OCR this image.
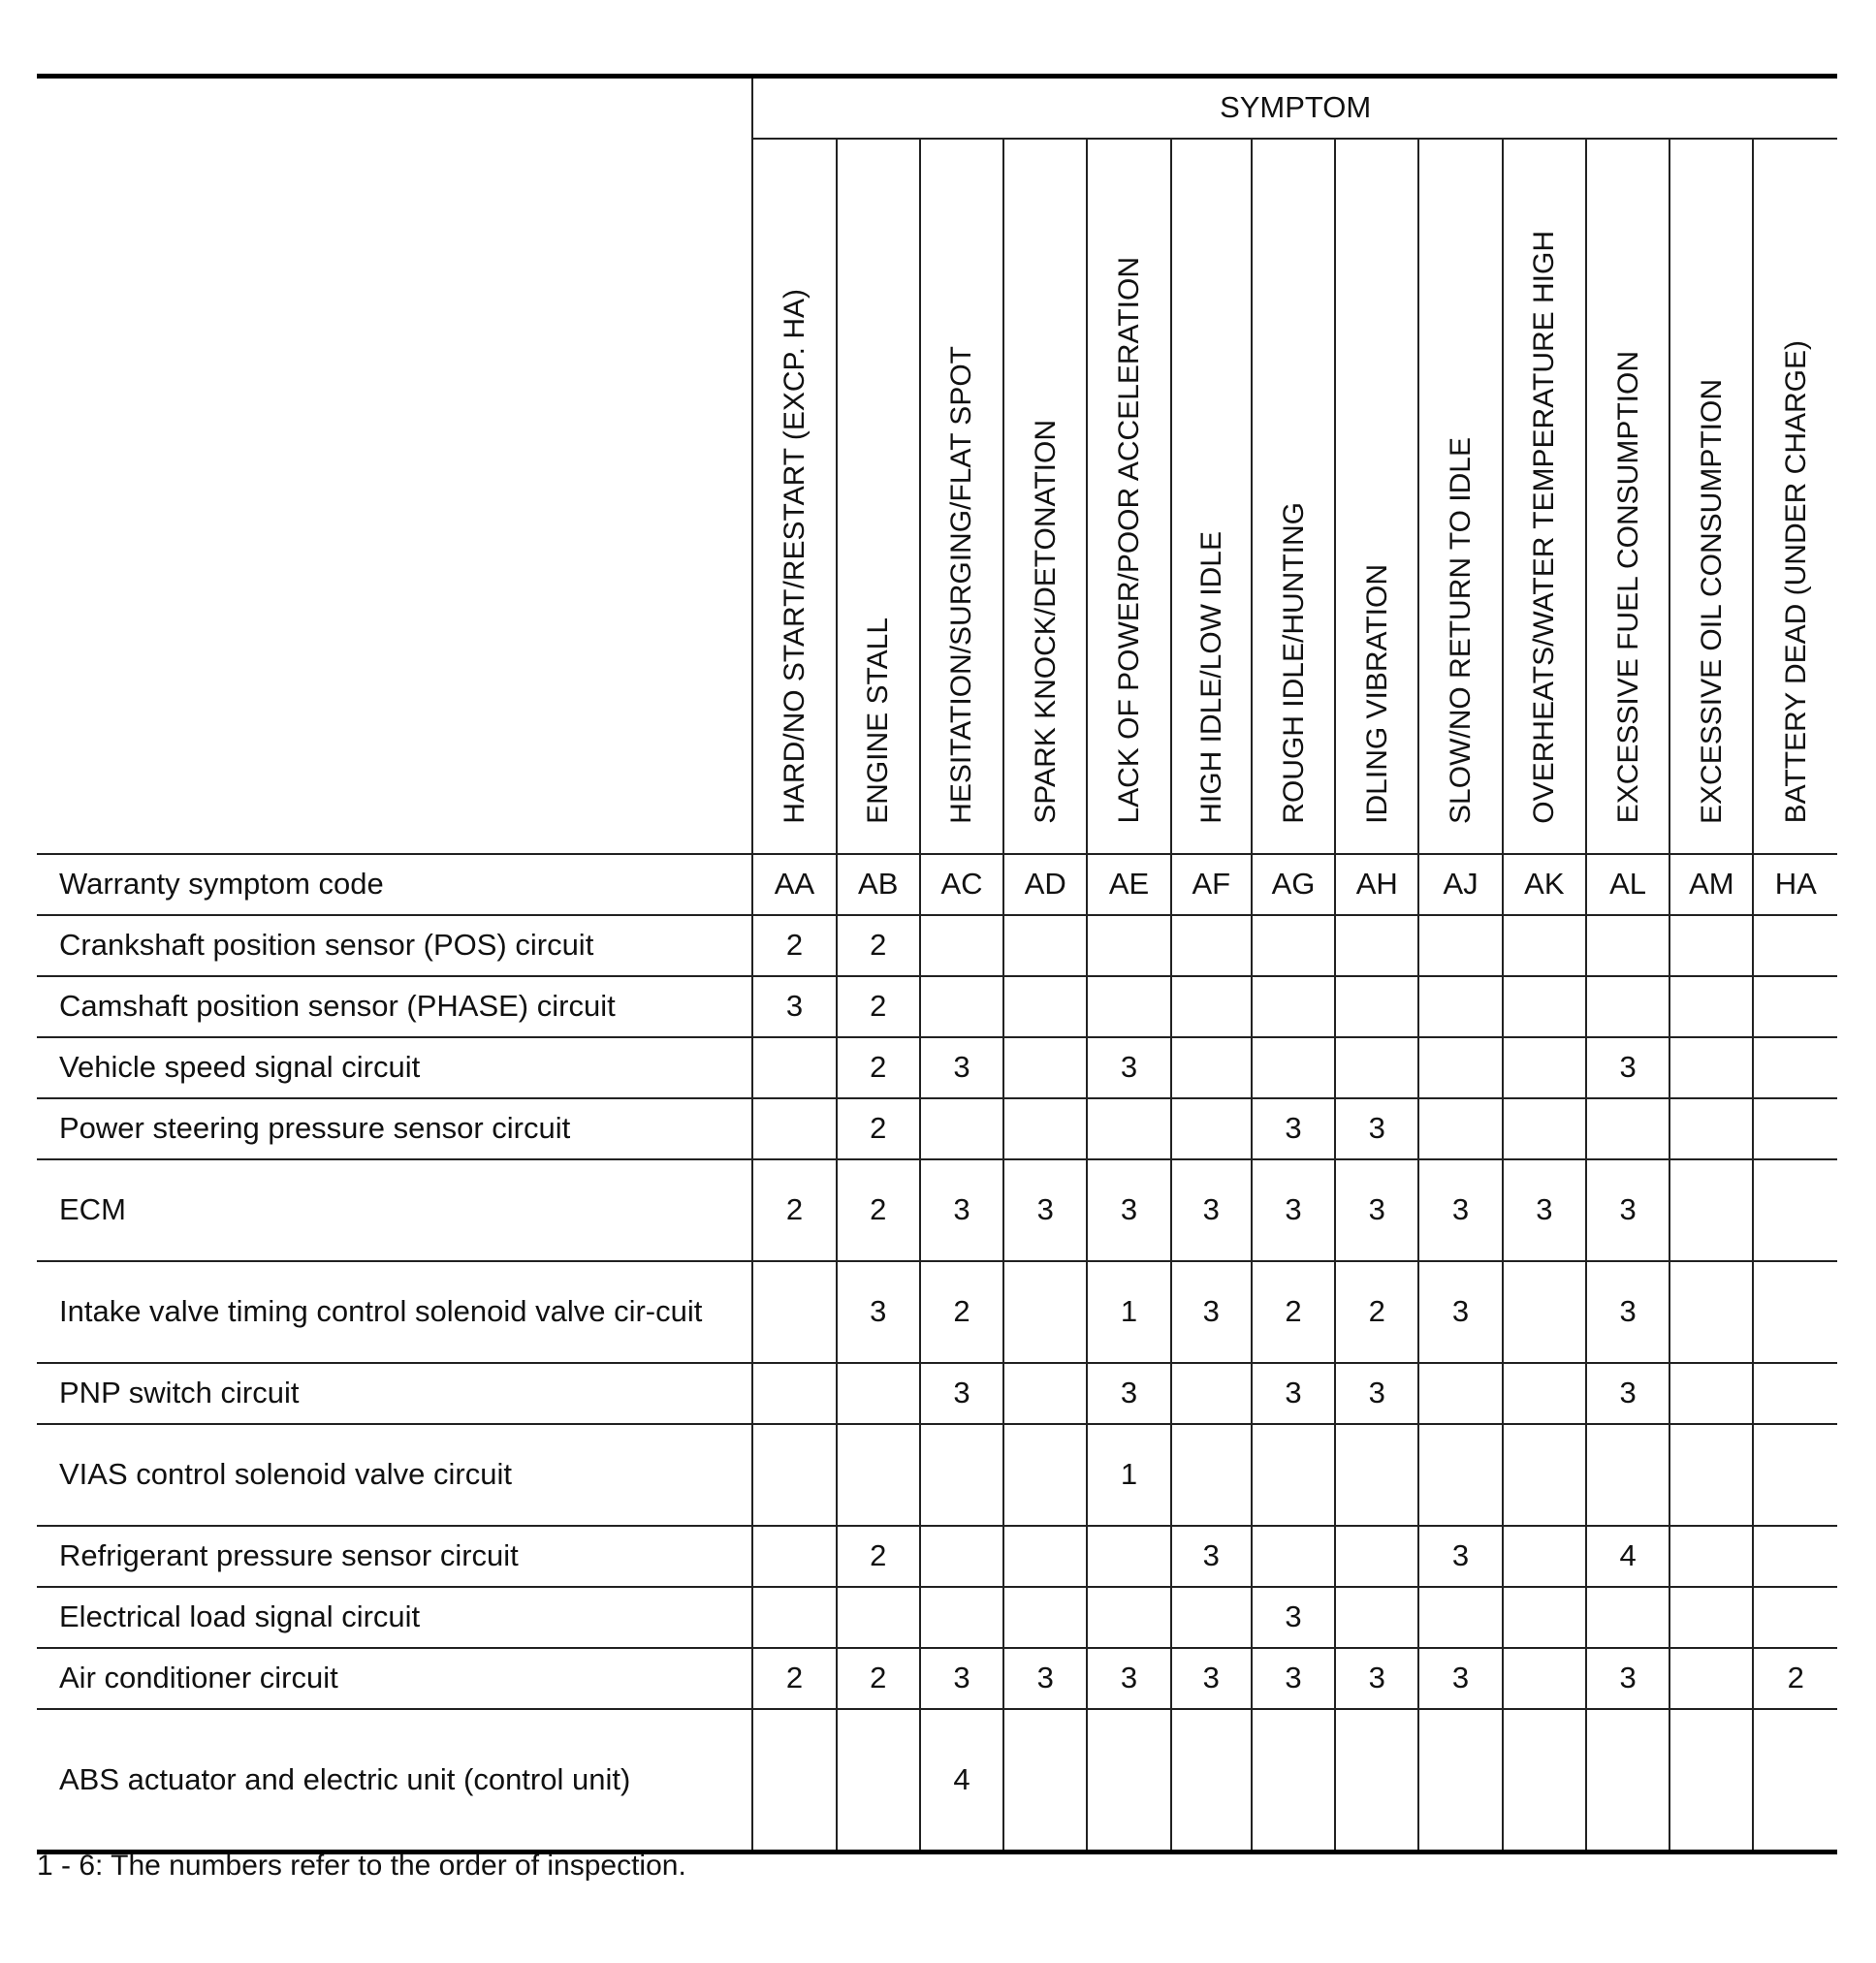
	SYMPTOM												
	HARD/NO START/RESTART (EXCP. HA)	ENGINE STALL	HESITATION/SURGING/FLAT SPOT	SPARK KNOCK/DETONATION	LACK OF POWER/POOR ACCELERATION	HIGH IDLE/LOW IDLE	ROUGH IDLE/HUNTING	IDLING VIBRATION	SLOW/NO RETURN TO IDLE	OVERHEATS/WATER TEMPERATURE HIGH	EXCESSIVE FUEL CONSUMPTION	EXCESSIVE OIL CONSUMPTION	BATTERY DEAD (UNDER CHARGE)
Warranty symptom code	AA	AB	AC	AD	AE	AF	AG	AH	AJ	AK	AL	AM	HA
Crankshaft position sensor (POS) circuit	2	2											
Camshaft position sensor (PHASE) circuit	3	2											
Vehicle speed signal circuit		2	3		3						3		
Power steering pressure sensor circuit		2					3	3					
ECM	2	2	3	3	3	3	3	3	3	3	3		
Intake valve timing control solenoid valve cir-cuit		3	2		1	3	2	2	3		3		
PNP switch circuit			3		3		3	3			3		
VIAS control solenoid valve circuit					1								
Refrigerant pressure sensor circuit		2				3			3		4		
Electrical load signal circuit							3						
Air conditioner circuit	2	2	3	3	3	3	3	3	3		3		2
ABS actuator and electric unit (control unit)			4										
1 - 6: The numbers refer to the order of inspection.
